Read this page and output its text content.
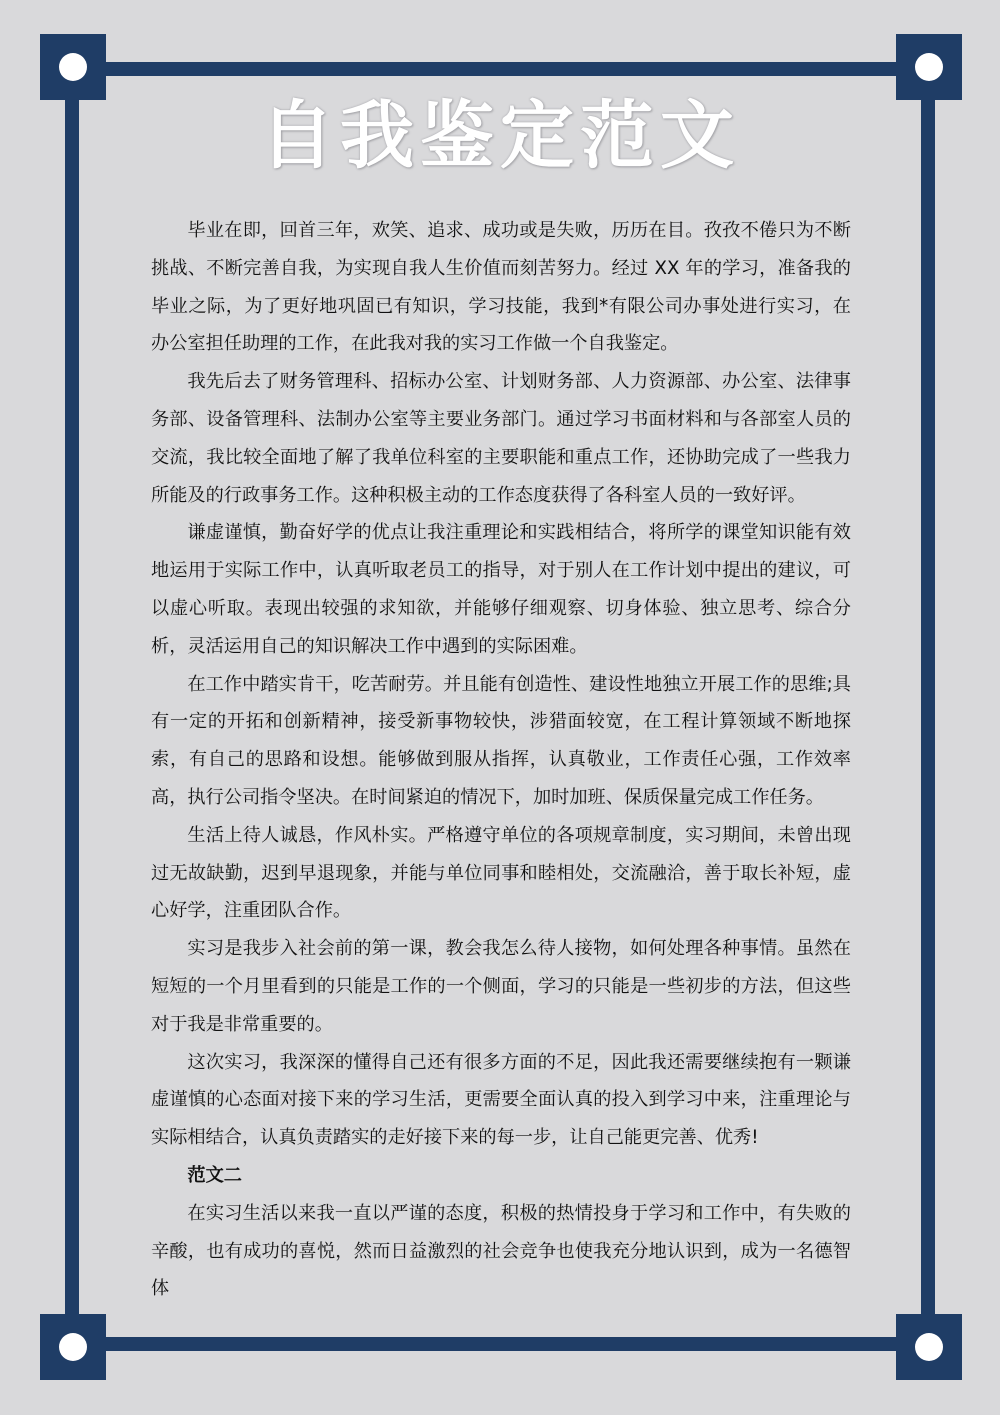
自我鉴定范文

毕业在即，回首三年，欢笑、追求、成功或是失败，历历在目。孜孜不倦只为不断挑战、不断完善自我，为实现自我人生价值而刻苦努力。经过 XX 年的学习，准备我的毕业之际，为了更好地巩固已有知识，学习技能，我到*有限公司办事处进行实习，在办公室担任助理的工作，在此我对我的实习工作做一个自我鉴定。

我先后去了财务管理科、招标办公室、计划财务部、人力资源部、办公室、法律事务部、设备管理科、法制办公室等主要业务部门。通过学习书面材料和与各部室人员的交流，我比较全面地了解了我单位科室的主要职能和重点工作，还协助完成了一些我力所能及的行政事务工作。这种积极主动的工作态度获得了各科室人员的一致好评。

谦虚谨慎，勤奋好学的优点让我注重理论和实践相结合，将所学的课堂知识能有效地运用于实际工作中，认真听取老员工的指导，对于别人在工作计划中提出的建议，可以虚心听取。表现出较强的求知欲，并能够仔细观察、切身体验、独立思考、综合分析，灵活运用自己的知识解决工作中遇到的实际困难。

在工作中踏实肯干，吃苦耐劳。并且能有创造性、建设性地独立开展工作的思维;具有一定的开拓和创新精神，接受新事物较快，涉猎面较宽，在工程计算领域不断地探索，有自己的思路和设想。能够做到服从指挥，认真敬业，工作责任心强，工作效率高，执行公司指令坚决。在时间紧迫的情况下，加时加班、保质保量完成工作任务。

生活上待人诚恳，作风朴实。严格遵守单位的各项规章制度，实习期间，未曾出现过无故缺勤，迟到早退现象，并能与单位同事和睦相处，交流融洽，善于取长补短，虚心好学，注重团队合作。

实习是我步入社会前的第一课，教会我怎么待人接物，如何处理各种事情。虽然在短短的一个月里看到的只能是工作的一个侧面，学习的只能是一些初步的方法，但这些对于我是非常重要的。

这次实习，我深深的懂得自己还有很多方面的不足，因此我还需要继续抱有一颗谦虚谨慎的心态面对接下来的学习生活，更需要全面认真的投入到学习中来，注重理论与实际相结合，认真负责踏实的走好接下来的每一步，让自己能更完善、优秀!

范文二

在实习生活以来我一直以严谨的态度，积极的热情投身于学习和工作中，有失败的辛酸，也有成功的喜悦，然而日益激烈的社会竞争也使我充分地认识到，成为一名德智体
